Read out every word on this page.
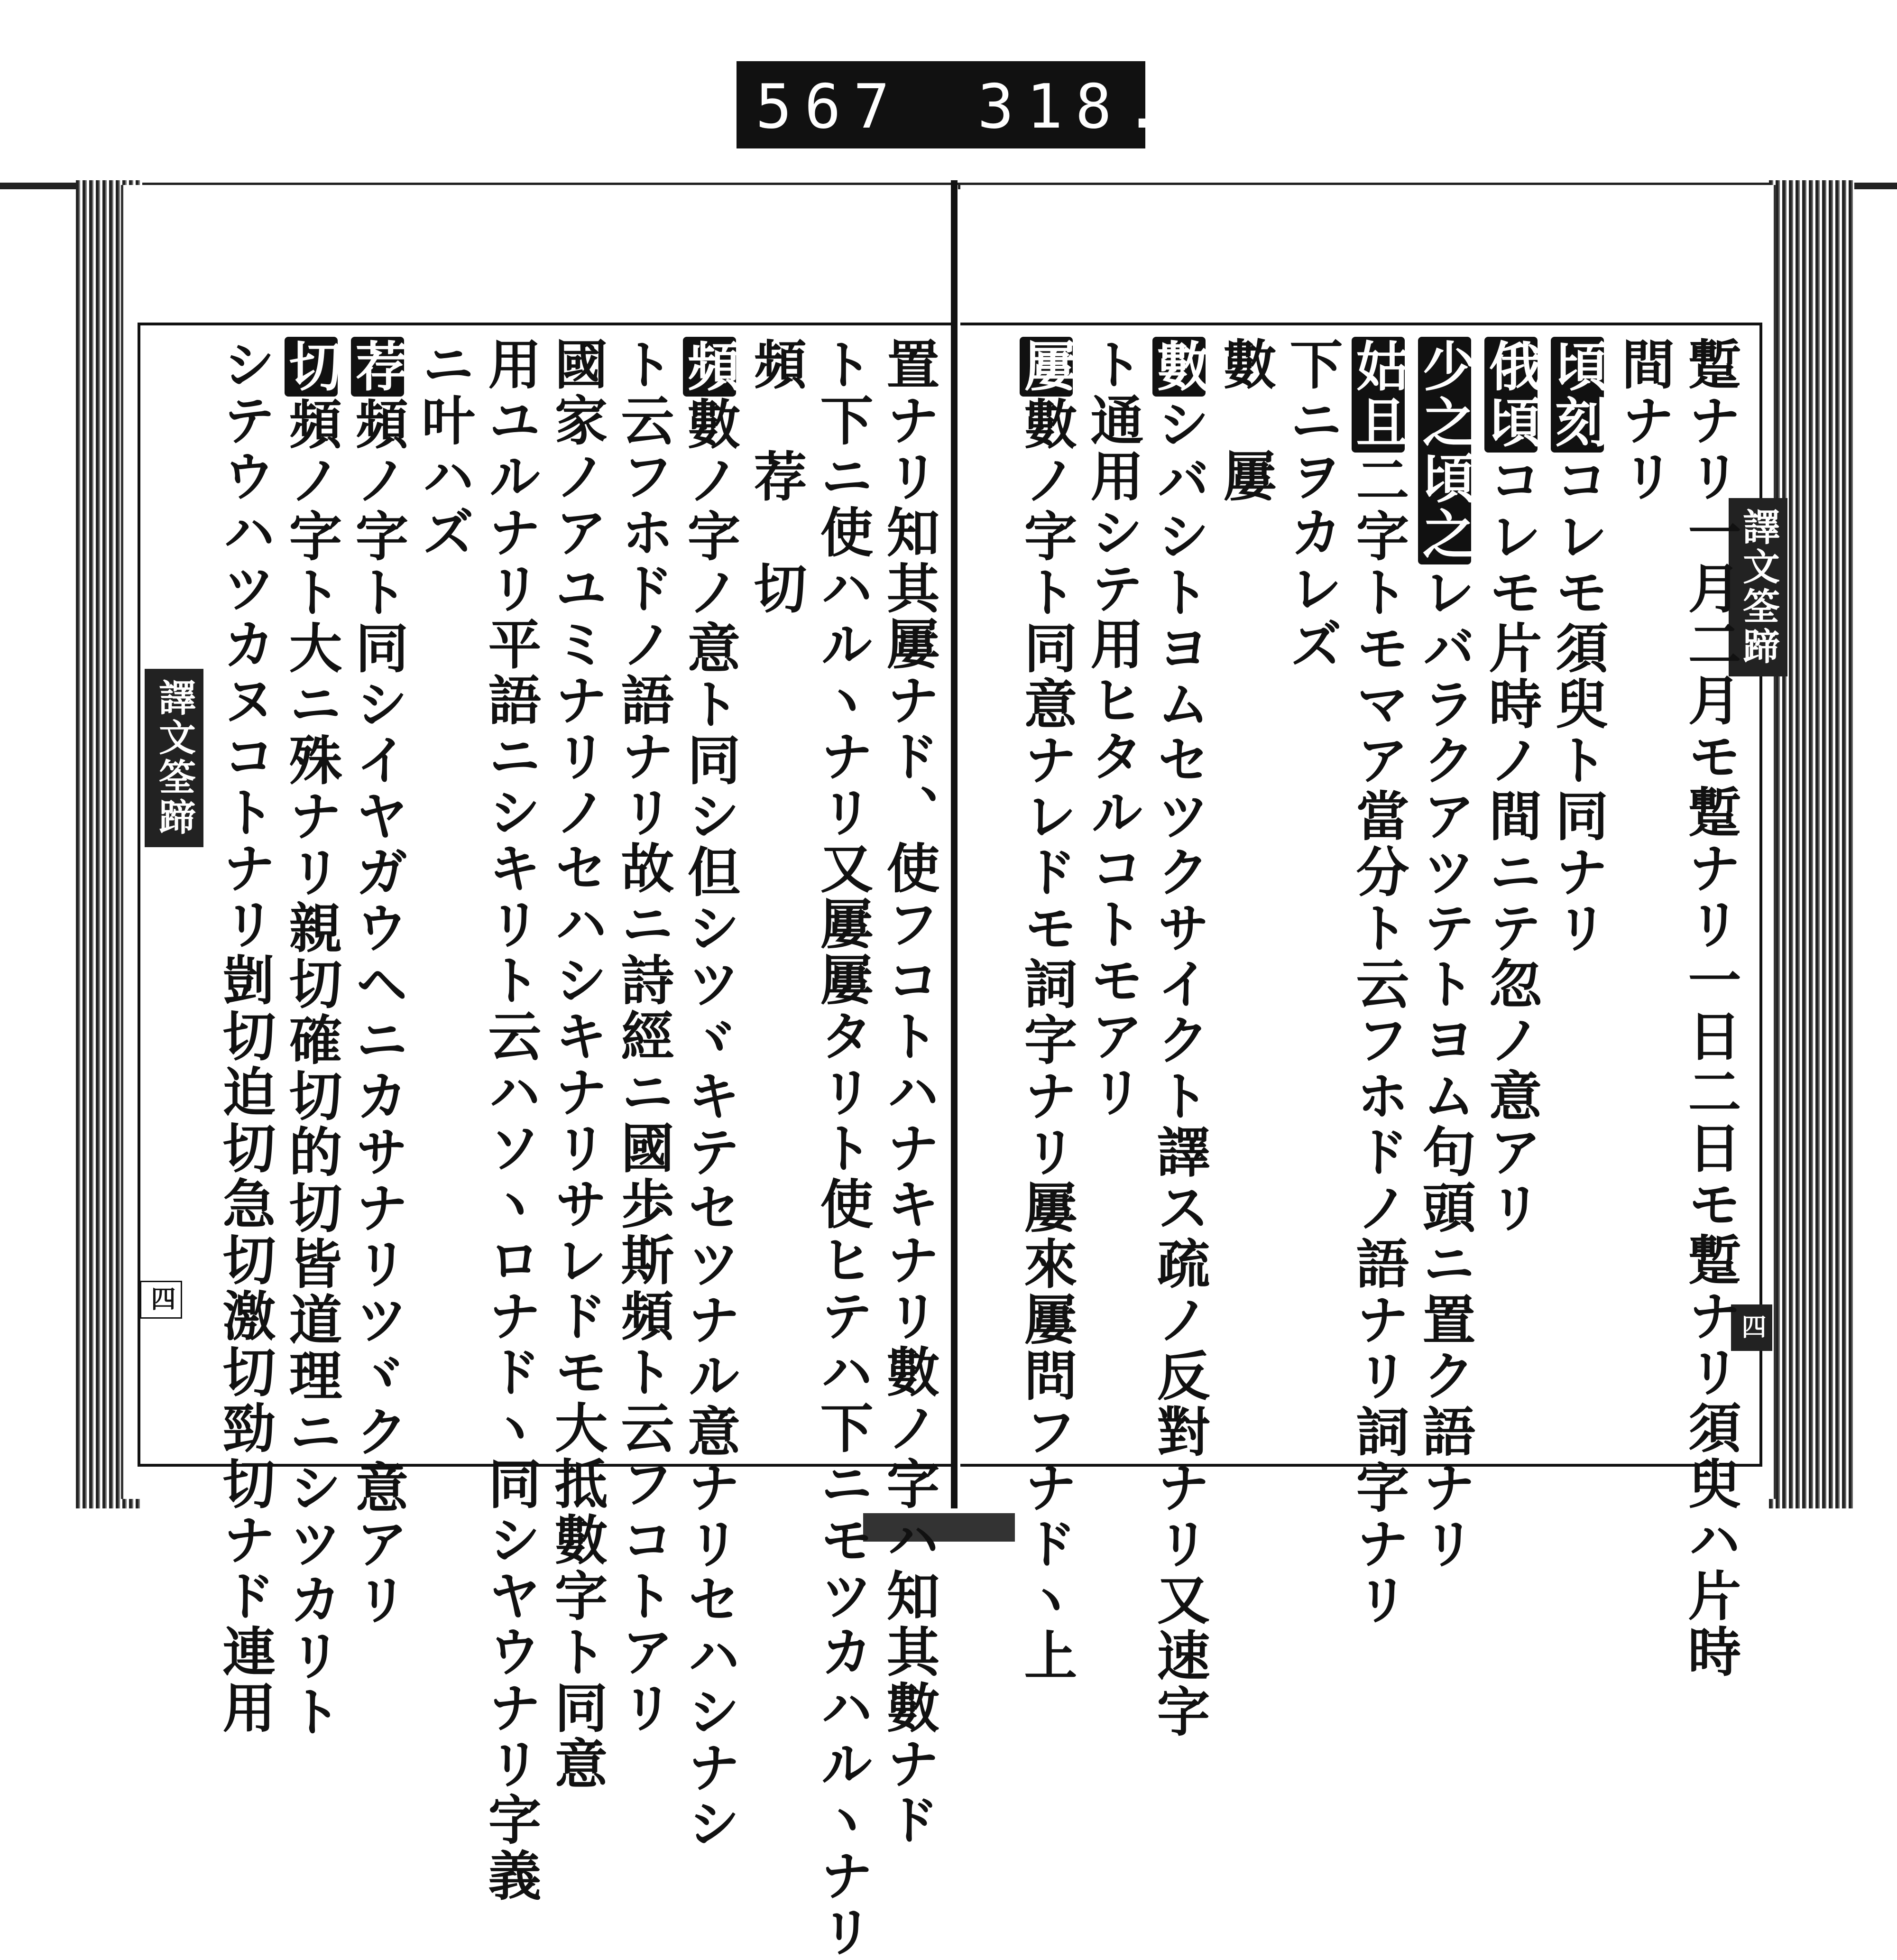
567 318.
譯文筌蹄
四
譯文筌蹄
四
蹔ナリ一月二月モ蹔ナリ一日二日モ蹔ナリ須臾ハ片時
間ナリ
頃刻コレモ須臾ト同ナリ
俄頃コレモ片時ノ間ニテ忽ノ意アリ
少之頃之レバラクアツテトヨム句頭ニ置ク語ナリ
姑且二字トモマア當分ト云フホドノ語ナリ詞字ナリ
下ニヲカレズ
數　屢
數シバシトヨムセツクサイクト譯ス疏ノ反對ナリ又速字
ト通用シテ用ヒタルコトモアリ
屢數ノ字ト同意ナレドモ詞字ナリ屢來屢問フナドヽ上
置ナリ知其屢ナド、使フコトハナキナリ數ノ字ハ知其數ナド
ト下ニ使ハルヽナリ又屢屢タリト使ヒテハ下ニモツカハルヽナリ
頻　荐　切
頻數ノ字ノ意ト同シ但シツヾキテセツナル意ナリセハシナシ
ト云フホドノ語ナリ故ニ詩經ニ國歩斯頻ト云フコトアリ
國家ノアユミナリノセハシキナリサレドモ大抵數字ト同意
用ユルナリ平語ニシキリト云ハソヽロナドヽ同シヤウナリ字義
ニ叶ハズ
荐頻ノ字ト同シイヤガウヘニカサナリツヾク意アリ
切頻ノ字ト大ニ殊ナリ親切確切的切皆道理ニシツカリト
シテウハツカヌコトナリ剴切迫切急切激切勁切ナド連用
